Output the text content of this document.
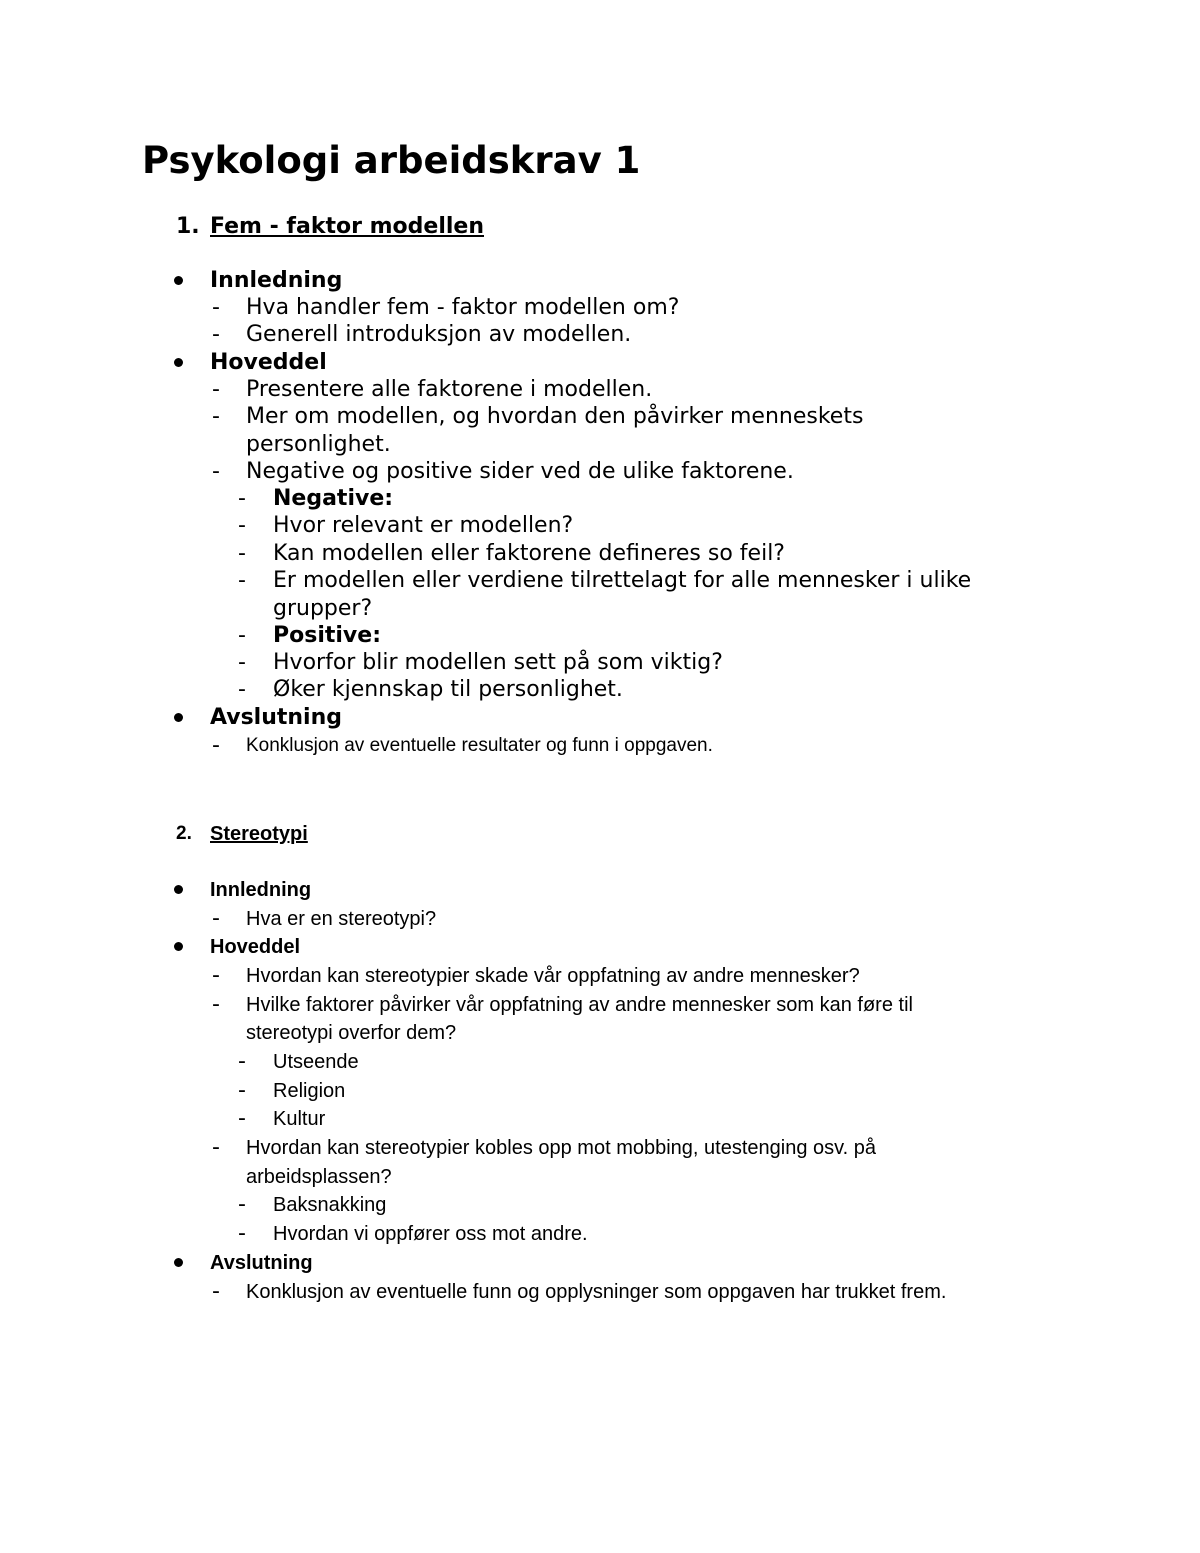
Psykologi arbeidskrav 1
1. Fem - faktor modellen
Innledning
- Hva handler fem - faktor modellen om?
- Generell introduksjon av modellen.
Hoveddel
- Presentere alle faktorene i modellen.
- Mer om modellen, og hvordan den påvirker menneskets
personlighet.
- Negative og positive sider ved de ulike faktorene.
- Negative:
- Hvor relevant er modellen?
- Kan modellen eller faktorene defineres so feil?
- Er modellen eller verdiene tilrettelagt for alle mennesker i ulike
grupper?
- Positive:
- Hvorfor blir modellen sett på som viktig?
- Øker kjennskap til personlighet.
Avslutning
- Konklusjon av eventuelle resultater og funn i oppgaven.
2. Stereotypi
Innledning
- Hva er en stereotypi?
Hoveddel
- Hvordan kan stereotypier skade vår oppfatning av andre mennesker?
- Hvilke faktorer påvirker vår oppfatning av andre mennesker som kan føre til
stereotypi overfor dem?
- Utseende
- Religion
- Kultur
- Hvordan kan stereotypier kobles opp mot mobbing, utestenging osv. på
arbeidsplassen?
- Baksnakking
- Hvordan vi oppfører oss mot andre.
Avslutning
- Konklusjon av eventuelle funn og opplysninger som oppgaven har trukket frem.
